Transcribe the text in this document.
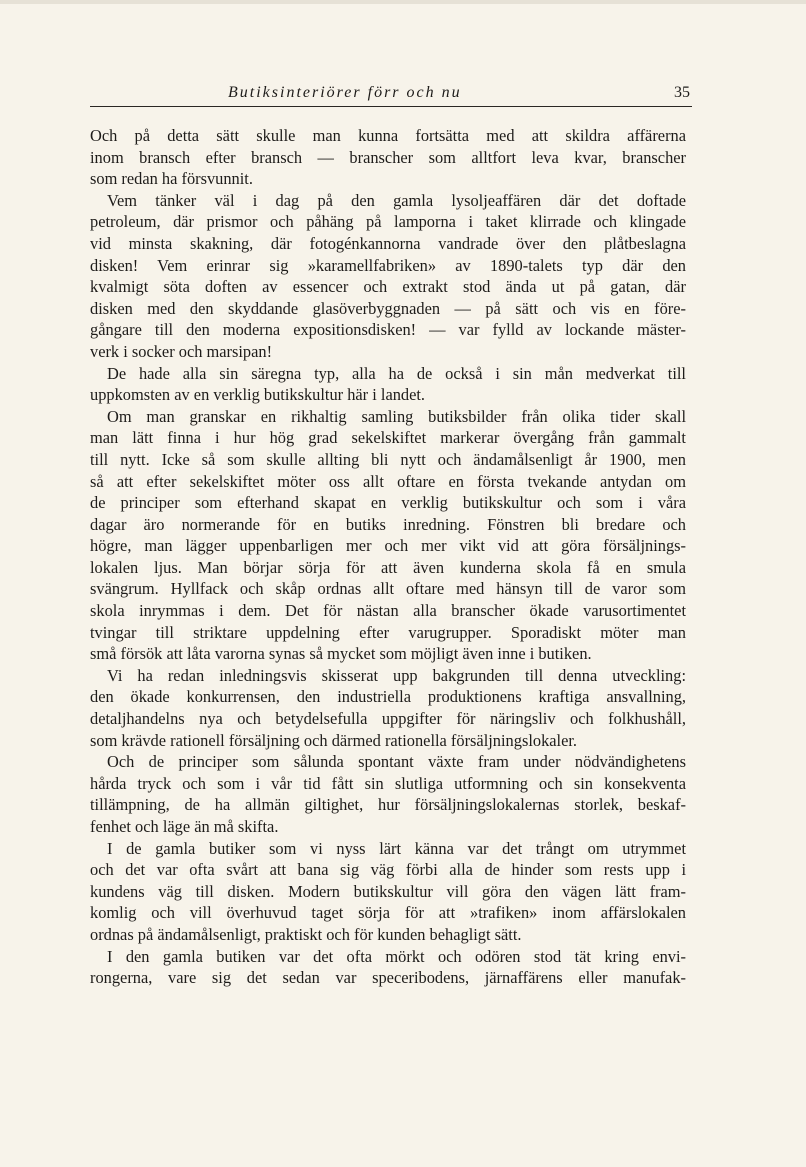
Butiksinteriörer förr och nu	35
Och på detta sätt skulle man kunna fortsätta med att skildra affärerna
inom bransch efter bransch — branscher som alltfort leva kvar, branscher
som redan ha försvunnit.
Vem tänker väl i dag på den gamla lysoljeaffären där det doftade
petroleum, där prismor och påhäng på lamporna i taket klirrade och klingade
vid minsta skakning, där fotogénkannorna vandrade över den plåtbeslagna
disken! Vem erinrar sig »karamellfabriken» av 1890-talets typ där den
kvalmigt söta doften av essencer och extrakt stod ända ut på gatan, där
disken med den skyddande glasöverbyggnaden — på sätt och vis en före-
gångare till den moderna expositionsdisken! — var fylld av lockande mäster-
verk i socker och marsipan!
De hade alla sin säregna typ, alla ha de också i sin mån medverkat till
uppkomsten av en verklig butikskultur här i landet.
Om man granskar en rikhaltig samling butiksbilder från olika tider skall
man lätt finna i hur hög grad sekelskiftet markerar övergång från gammalt
till nytt. Icke så som skulle allting bli nytt och ändamålsenligt år 1900, men
så att efter sekelskiftet möter oss allt oftare en första tvekande antydan om
de principer som efterhand skapat en verklig butikskultur och som i våra
dagar äro normerande för en butiks inredning. Fönstren bli bredare och
högre, man lägger uppenbarligen mer och mer vikt vid att göra försäljnings-
lokalen ljus. Man börjar sörja för att även kunderna skola få en smula
svängrum. Hyllfack och skåp ordnas allt oftare med hänsyn till de varor som
skola inrymmas i dem. Det för nästan alla branscher ökade varusortimentet
tvingar till striktare uppdelning efter varugrupper. Sporadiskt möter man
små försök att låta varorna synas så mycket som möjligt även inne i butiken.
Vi ha redan inledningsvis skisserat upp bakgrunden till denna utveckling:
den ökade konkurrensen, den industriella produktionens kraftiga ansvallning,
detaljhandelns nya och betydelsefulla uppgifter för näringsliv och folkhushåll,
som krävde rationell försäljning och därmed rationella försäljningslokaler.
Och de principer som sålunda spontant växte fram under nödvändighetens
hårda tryck och som i vår tid fått sin slutliga utformning och sin konsekventa
tillämpning, de ha allmän giltighet, hur försäljningslokalernas storlek, beskaf-
fenhet och läge än må skifta.
I de gamla butiker som vi nyss lärt känna var det trångt om utrymmet
och det var ofta svårt att bana sig väg förbi alla de hinder som rests upp i
kundens väg till disken. Modern butikskultur vill göra den vägen lätt fram-
komlig och vill överhuvud taget sörja för att »trafiken» inom affärslokalen
ordnas på ändamålsenligt, praktiskt och för kunden behagligt sätt.
I den gamla butiken var det ofta mörkt och odören stod tät kring envi-
rongerna, vare sig det sedan var speceribodens, järnaffärens eller manufak-
